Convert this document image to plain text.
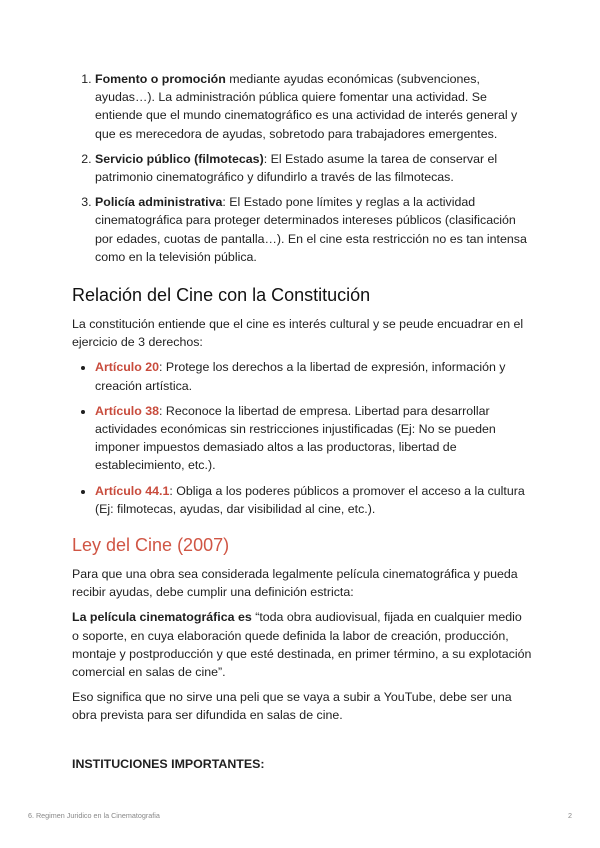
1. Fomento o promoción mediante ayudas económicas (subvenciones, ayudas…). La administración pública quiere fomentar una actividad. Se entiende que el mundo cinematográfico es una actividad de interés general y que es merecedora de ayudas, sobretodo para trabajadores emergentes.
2. Servicio público (filmotecas): El Estado asume la tarea de conservar el patrimonio cinematográfico y difundirlo a través de las filmotecas.
3. Policía administrativa: El Estado pone límites y reglas a la actividad cinematográfica para proteger determinados intereses públicos (clasificación por edades, cuotas de pantalla…). En el cine esta restricción no es tan intensa como en la televisión pública.
Relación del Cine con la Constitución

La constitución entiende que el cine es interés cultural y se peude encuadrar en el ejercicio de 3 derechos:

• Artículo 20: Protege los derechos a la libertad de expresión, información y creación artística.
• Artículo 38: Reconoce la libertad de empresa. Libertad para desarrollar actividades económicas sin restricciones injustificadas (Ej: No se pueden imponer impuestos demasiado altos a las productoras, libertad de establecimiento, etc.).
• Artículo 44.1: Obliga a los poderes públicos a promover el acceso a la cultura (Ej: filmotecas, ayudas, dar visibilidad al cine, etc.).
Ley del Cine (2007)

Para que una obra sea considerada legalmente película cinematográfica y pueda recibir ayudas, debe cumplir una definición estricta:

La película cinematográfica es “toda obra audiovisual, fijada en cualquier medio o soporte, en cuya elaboración quede definida la labor de creación, producción, montaje y postproducción y que esté destinada, en primer término, a su explotación comercial en salas de cine”.

Eso significa que no sirve una peli que se vaya a subir a YouTube, debe ser una obra prevista para ser difundida en salas de cine.

INSTITUCIONES IMPORTANTES:

6. Regimen Juridico en la Cinematografia	2
